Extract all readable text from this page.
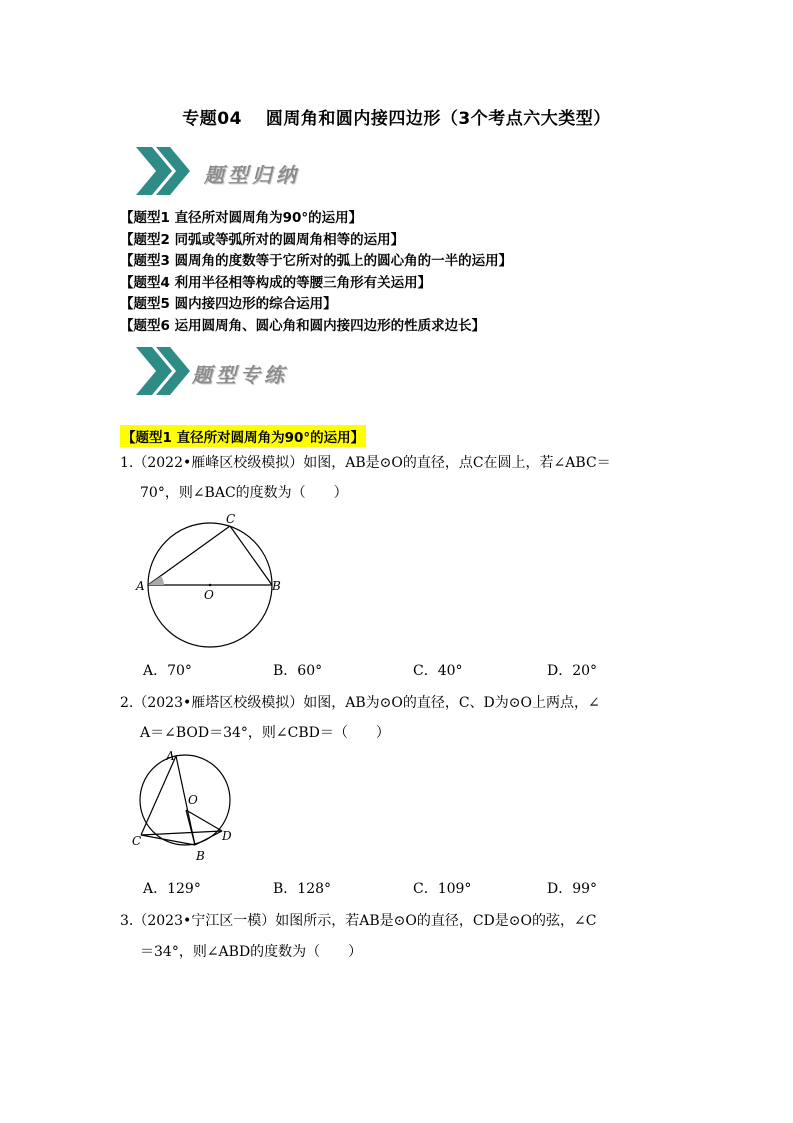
专题04　 圆周角和圆内接四边形（3个考点六大类型）
题型归纳
【题型1 直径所对圆周角为90°的运用】
【题型2 同弧或等弧所对的圆周角相等的运用】
【题型3 圆周角的度数等于它所对的弧上的圆心角的一半的运用】
【题型4 利用半径相等构成的等腰三角形有关运用】
【题型5 圆内接四边形的综合运用】
【题型6 运用圆周角、圆心角和圆内接四边形的性质求边长】
题型专练
【题型1 直径所对圆周角为90°的运用】
1.（2022•雁峰区校级模拟）如图，AB是⊙O的直径，点C在圆上，若∠ABC＝
70°，则∠BAC的度数为（　　）
A	B
C
O
A．70°	B．60°	C．40°	D．20°
2.（2023•雁塔区校级模拟）如图，AB为⊙O的直径，C、D为⊙O上两点，∠
A＝∠BOD＝34°，则∠CBD＝（　　）
A
O
C	D
B
A．129°	B．128°	C．109°	D．99°
3.（2023•宁江区一模）如图所示，若AB是⊙O的直径，CD是⊙O的弦，∠C
＝34°，则∠ABD的度数为（　　）
